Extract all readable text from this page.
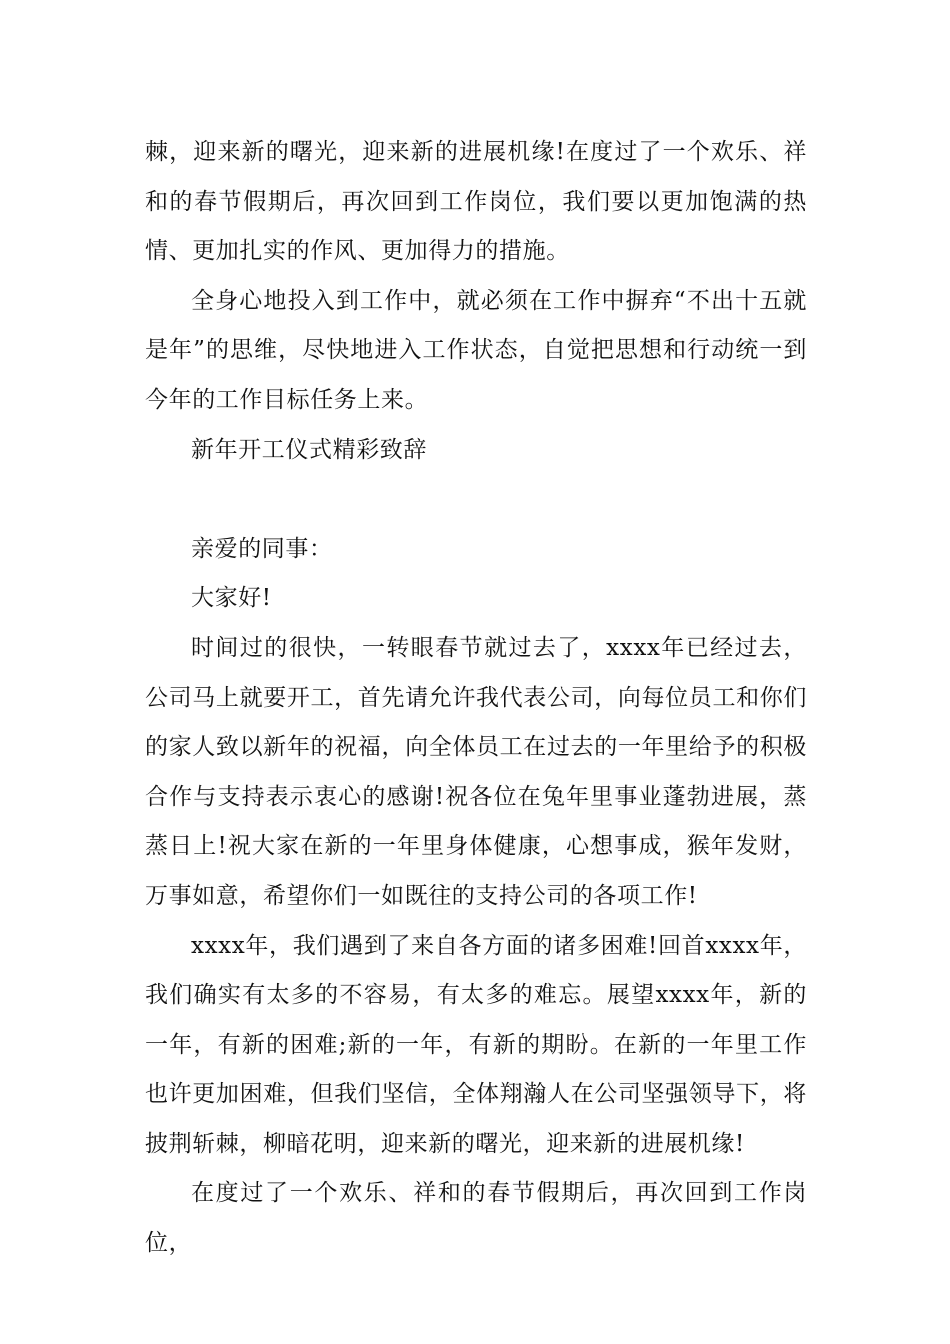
棘，迎来新的曙光，迎来新的进展机缘!在度过了一个欢乐、祥和的春节假期后，再次回到工作岗位，我们要以更加饱满的热情、更加扎实的作风、更加得力的措施。

全身心地投入到工作中，就必须在工作中摒弃“不出十五就是年”的思维，尽快地进入工作状态，自觉把思想和行动统一到今年的工作目标任务上来。

新年开工仪式精彩致辞

亲爱的同事：

大家好!

时间过的很快，一转眼春节就过去了，xxxx年已经过去，公司马上就要开工，首先请允许我代表公司，向每位员工和你们的家人致以新年的祝福，向全体员工在过去的一年里给予的积极合作与支持表示衷心的感谢!祝各位在兔年里事业蓬勃进展，蒸蒸日上!祝大家在新的一年里身体健康，心想事成，猴年发财，万事如意，希望你们一如既往的支持公司的各项工作!

xxxx年，我们遇到了来自各方面的诸多困难!回首xxxx年，我们确实有太多的不容易，有太多的难忘。展望xxxx年，新的一年，有新的困难;新的一年，有新的期盼。在新的一年里工作也许更加困难，但我们坚信，全体翔瀚人在公司坚强领导下，将披荆斩棘，柳暗花明，迎来新的曙光，迎来新的进展机缘!

在度过了一个欢乐、祥和的春节假期后，再次回到工作岗位，
